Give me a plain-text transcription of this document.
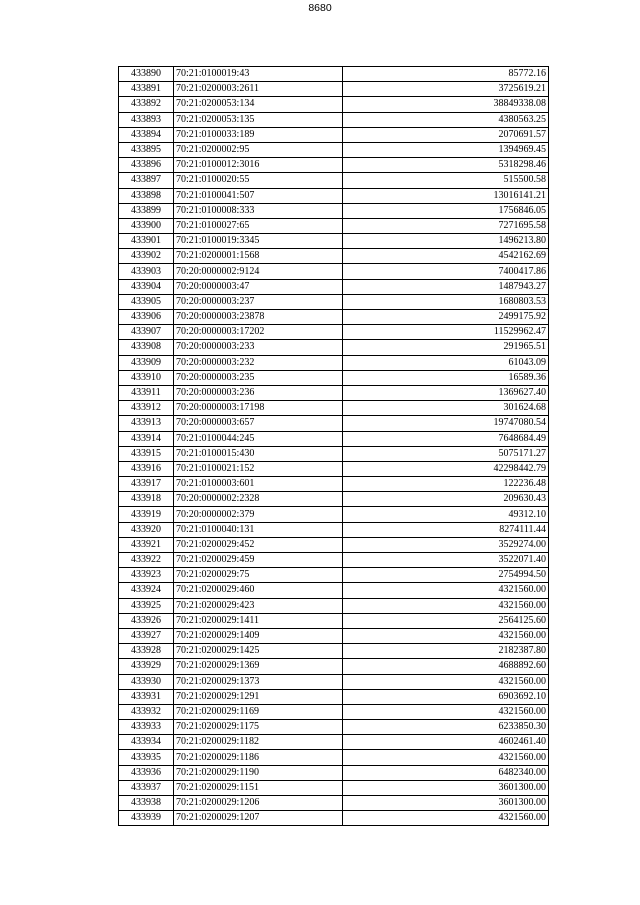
8680
433890	70:21:0100019:43	85772.16
433891	70:21:0200003:2611	3725619.21
433892	70:21:0200053:134	38849338.08
433893	70:21:0200053:135	4380563.25
433894	70:21:0100033:189	2070691.57
433895	70:21:0200002:95	1394969.45
433896	70:21:0100012:3016	5318298.46
433897	70:21:0100020:55	515500.58
433898	70:21:0100041:507	13016141.21
433899	70:21:0100008:333	1756846.05
433900	70:21:0100027:65	7271695.58
433901	70:21:0100019:3345	1496213.80
433902	70:21:0200001:1568	4542162.69
433903	70:20:0000002:9124	7400417.86
433904	70:20:0000003:47	1487943.27
433905	70:20:0000003:237	1680803.53
433906	70:20:0000003:23878	2499175.92
433907	70:20:0000003:17202	11529962.47
433908	70:20:0000003:233	291965.51
433909	70:20:0000003:232	61043.09
433910	70:20:0000003:235	16589.36
433911	70:20:0000003:236	1369627.40
433912	70:20:0000003:17198	301624.68
433913	70:20:0000003:657	19747080.54
433914	70:21:0100044:245	7648684.49
433915	70:21:0100015:430	5075171.27
433916	70:21:0100021:152	42298442.79
433917	70:21:0100003:601	122236.48
433918	70:20:0000002:2328	209630.43
433919	70:20:0000002:379	49312.10
433920	70:21:0100040:131	8274111.44
433921	70:21:0200029:452	3529274.00
433922	70:21:0200029:459	3522071.40
433923	70:21:0200029:75	2754994.50
433924	70:21:0200029:460	4321560.00
433925	70:21:0200029:423	4321560.00
433926	70:21:0200029:1411	2564125.60
433927	70:21:0200029:1409	4321560.00
433928	70:21:0200029:1425	2182387.80
433929	70:21:0200029:1369	4688892.60
433930	70:21:0200029:1373	4321560.00
433931	70:21:0200029:1291	6903692.10
433932	70:21:0200029:1169	4321560.00
433933	70:21:0200029:1175	6233850.30
433934	70:21:0200029:1182	4602461.40
433935	70:21:0200029:1186	4321560.00
433936	70:21:0200029:1190	6482340.00
433937	70:21:0200029:1151	3601300.00
433938	70:21:0200029:1206	3601300.00
433939	70:21:0200029:1207	4321560.00
